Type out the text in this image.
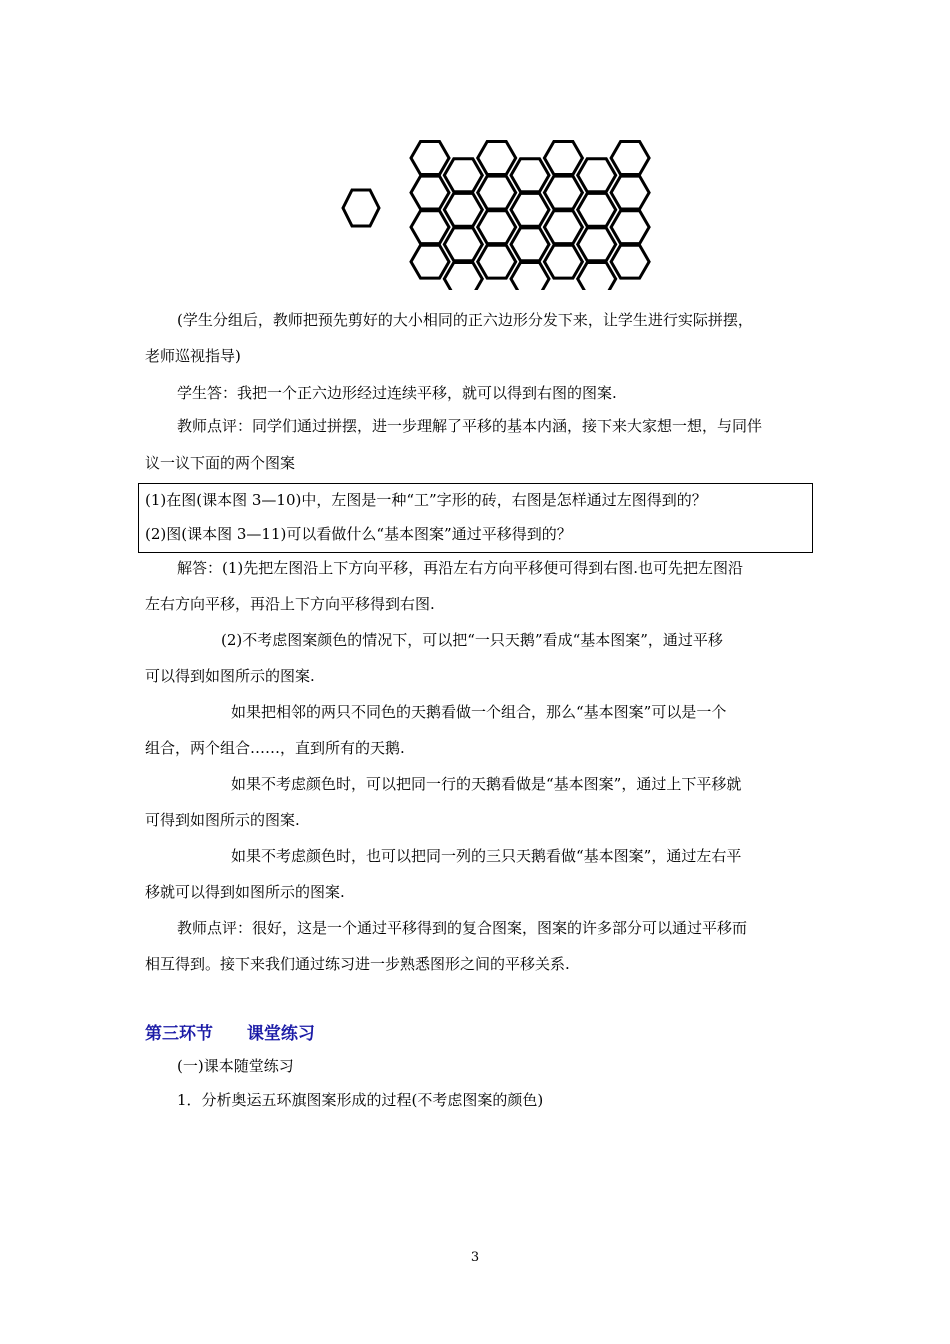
(学生分组后，教师把预先剪好的大小相同的正六边形分发下来，让学生进行实际拼摆，
老师巡视指导)
学生答：我把一个正六边形经过连续平移，就可以得到右图的图案.
教师点评：同学们通过拼摆，进一步理解了平移的基本内涵，接下来大家想一想，与同伴
议一议下面的两个图案
(1)在图(课本图 3—10)中，左图是一种“工”字形的砖，右图是怎样通过左图得到的？
(2)图(课本图 3—11)可以看做什么“基本图案”通过平移得到的？
解答：(1)先把左图沿上下方向平移，再沿左右方向平移便可得到右图.也可先把左图沿
左右方向平移，再沿上下方向平移得到右图.
(2)不考虑图案颜色的情况下，可以把“一只天鹅”看成“基本图案”，通过平移
可以得到如图所示的图案.
如果把相邻的两只不同色的天鹅看做一个组合，那么“基本图案”可以是一个
组合，两个组合……，直到所有的天鹅.
如果不考虑颜色时，可以把同一行的天鹅看做是“基本图案”，通过上下平移就
可得到如图所示的图案.
如果不考虑颜色时，也可以把同一列的三只天鹅看做“基本图案”，通过左右平
移就可以得到如图所示的图案.
教师点评：很好，这是一个通过平移得到的复合图案，图案的许多部分可以通过平移而
相互得到。接下来我们通过练习进一步熟悉图形之间的平移关系.
第三环节 课堂练习
(一)课本随堂练习
1．分析奥运五环旗图案形成的过程(不考虑图案的颜色)
3
